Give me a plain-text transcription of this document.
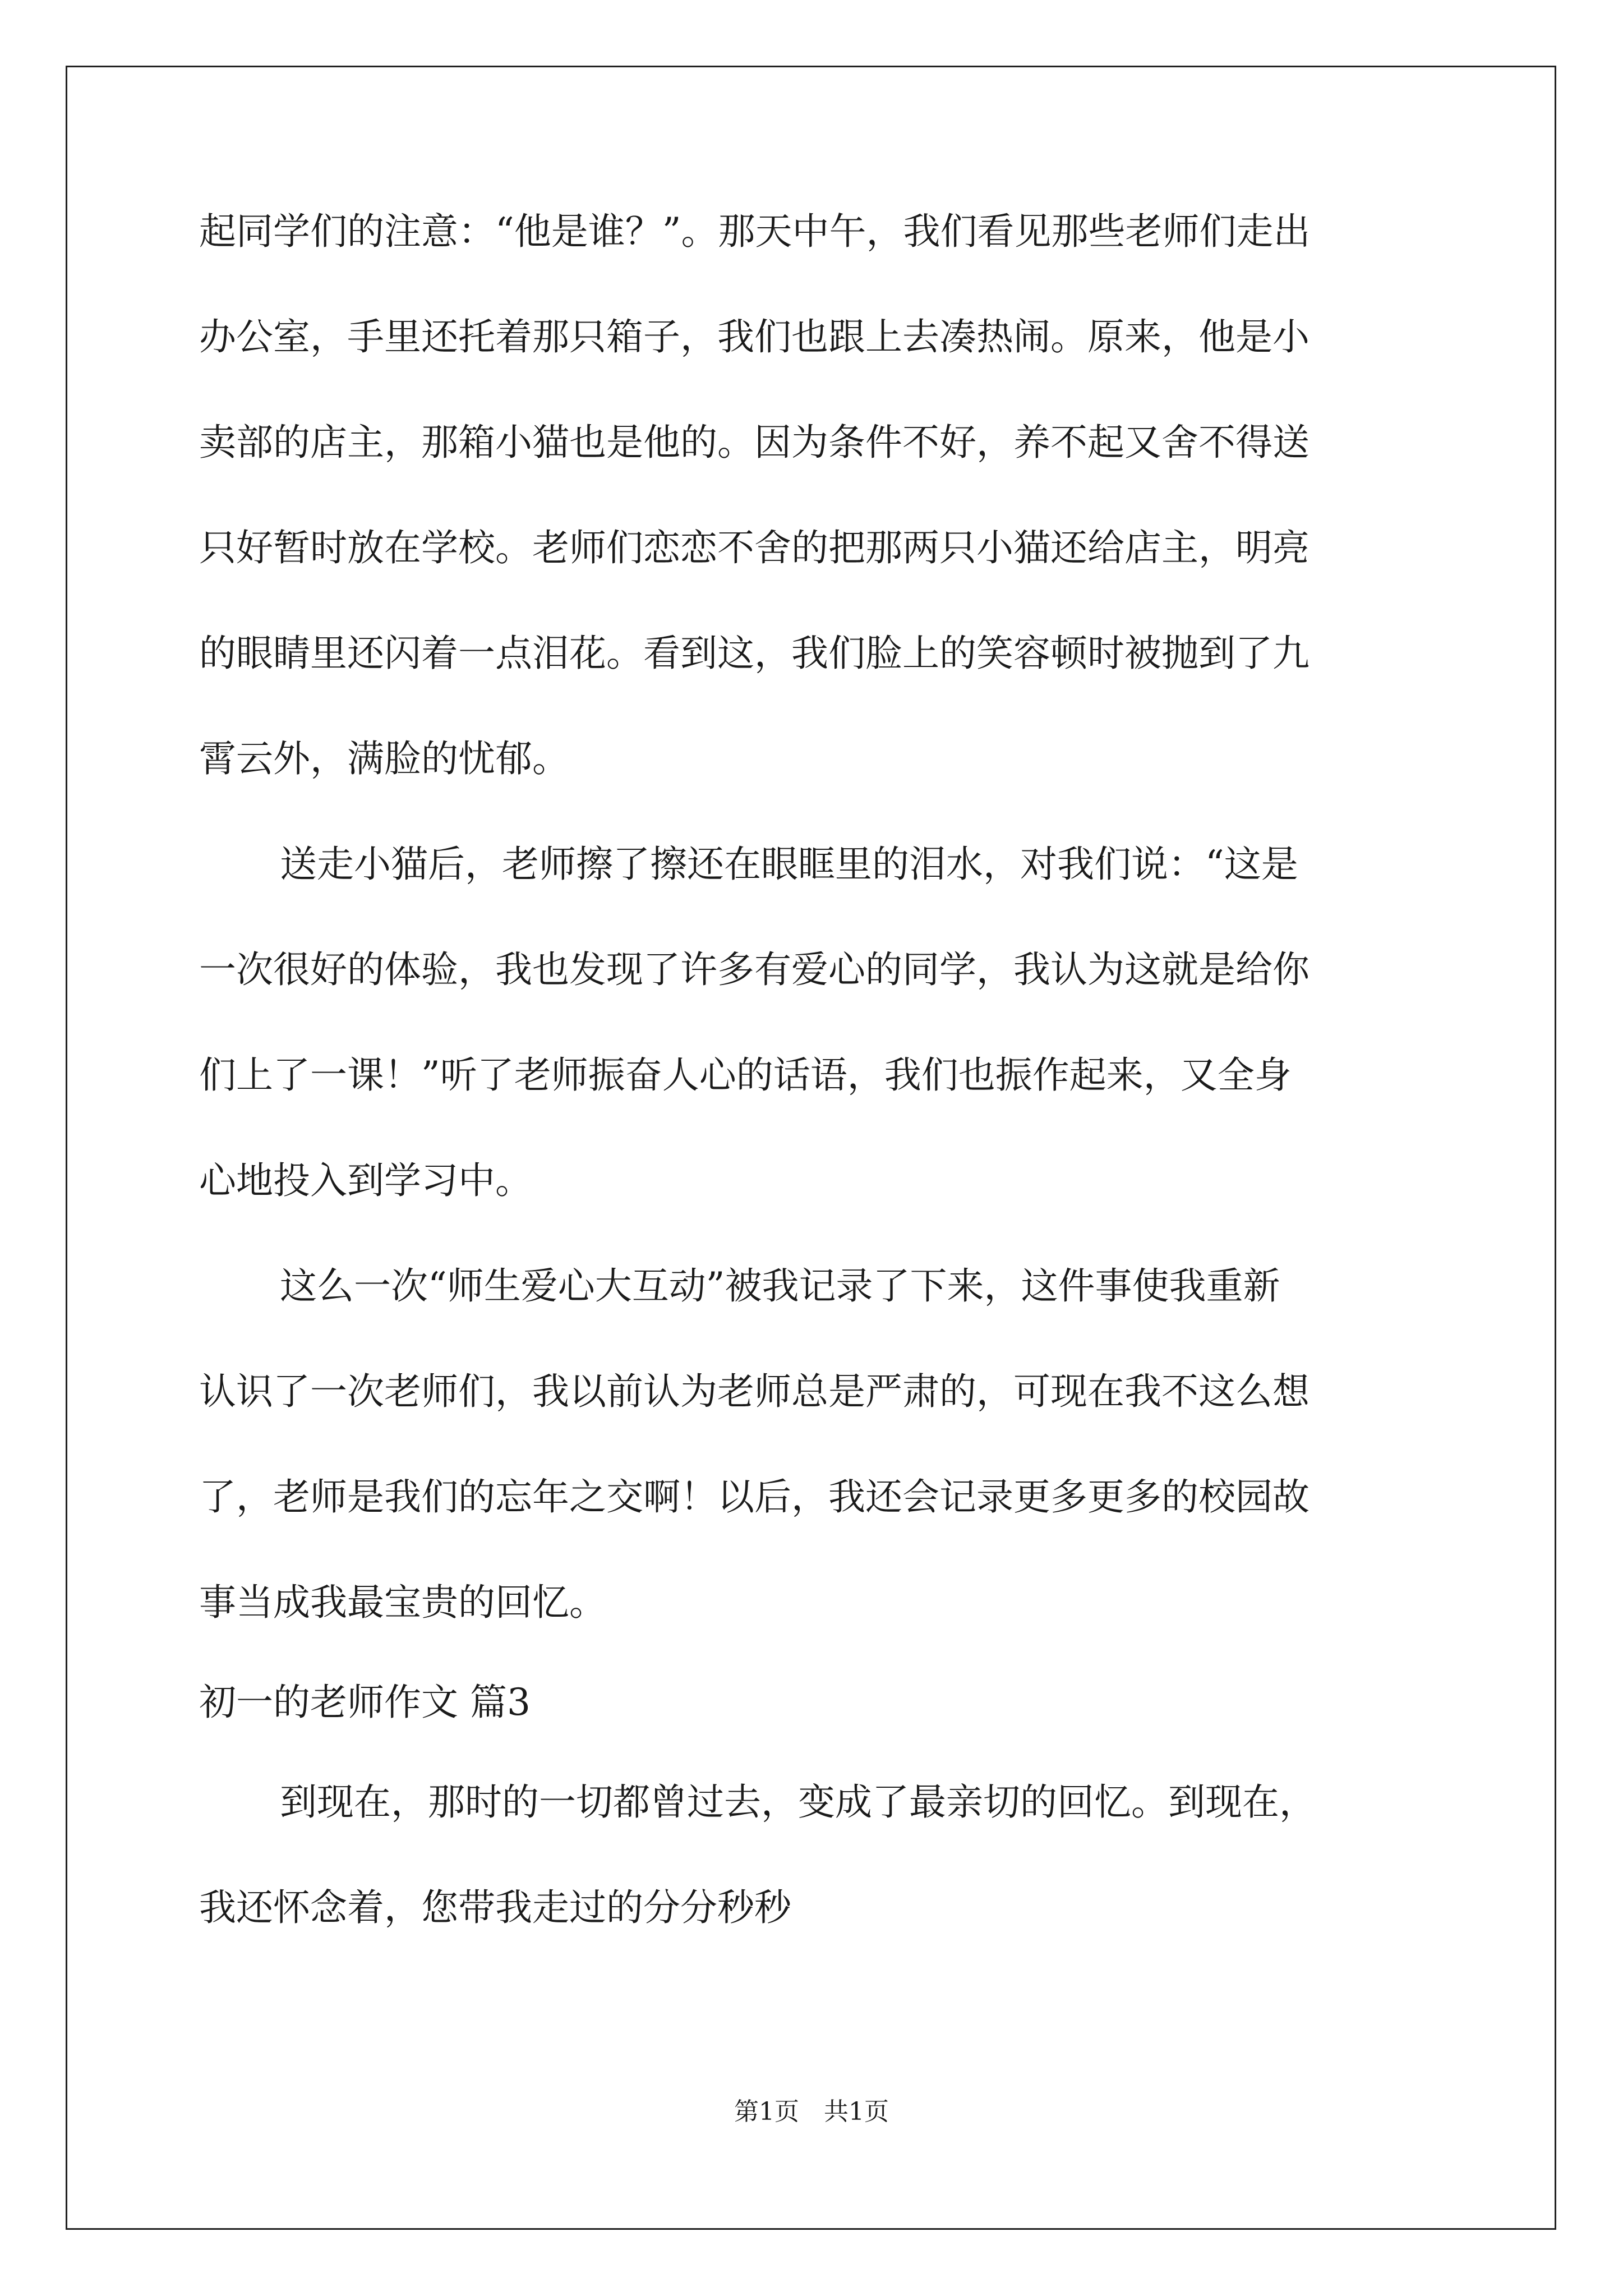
起同学们的注意：“他是谁？”。那天中午，我们看见那些老师们走出

办公室，手里还托着那只箱子，我们也跟上去凑热闹。原来，他是小

卖部的店主，那箱小猫也是他的。因为条件不好，养不起又舍不得送

只好暂时放在学校。老师们恋恋不舍的把那两只小猫还给店主，明亮

的眼睛里还闪着一点泪花。看到这，我们脸上的笑容顿时被抛到了九

霄云外，满脸的忧郁。

送走小猫后，老师擦了擦还在眼眶里的泪水，对我们说：“这是

一次很好的体验，我也发现了许多有爱心的同学，我认为这就是给你

们上了一课！”听了老师振奋人心的话语，我们也振作起来，又全身

心地投入到学习中。

这么一次“师生爱心大互动”被我记录了下来，这件事使我重新

认识了一次老师们，我以前认为老师总是严肃的，可现在我不这么想

了，老师是我们的忘年之交啊！以后，我还会记录更多更多的校园故

事当成我最宝贵的回忆。

初一的老师作文 篇3

到现在，那时的一切都曾过去，变成了最亲切的回忆。到现在，

我还怀念着，您带我走过的分分秒秒

第1页　共1页
